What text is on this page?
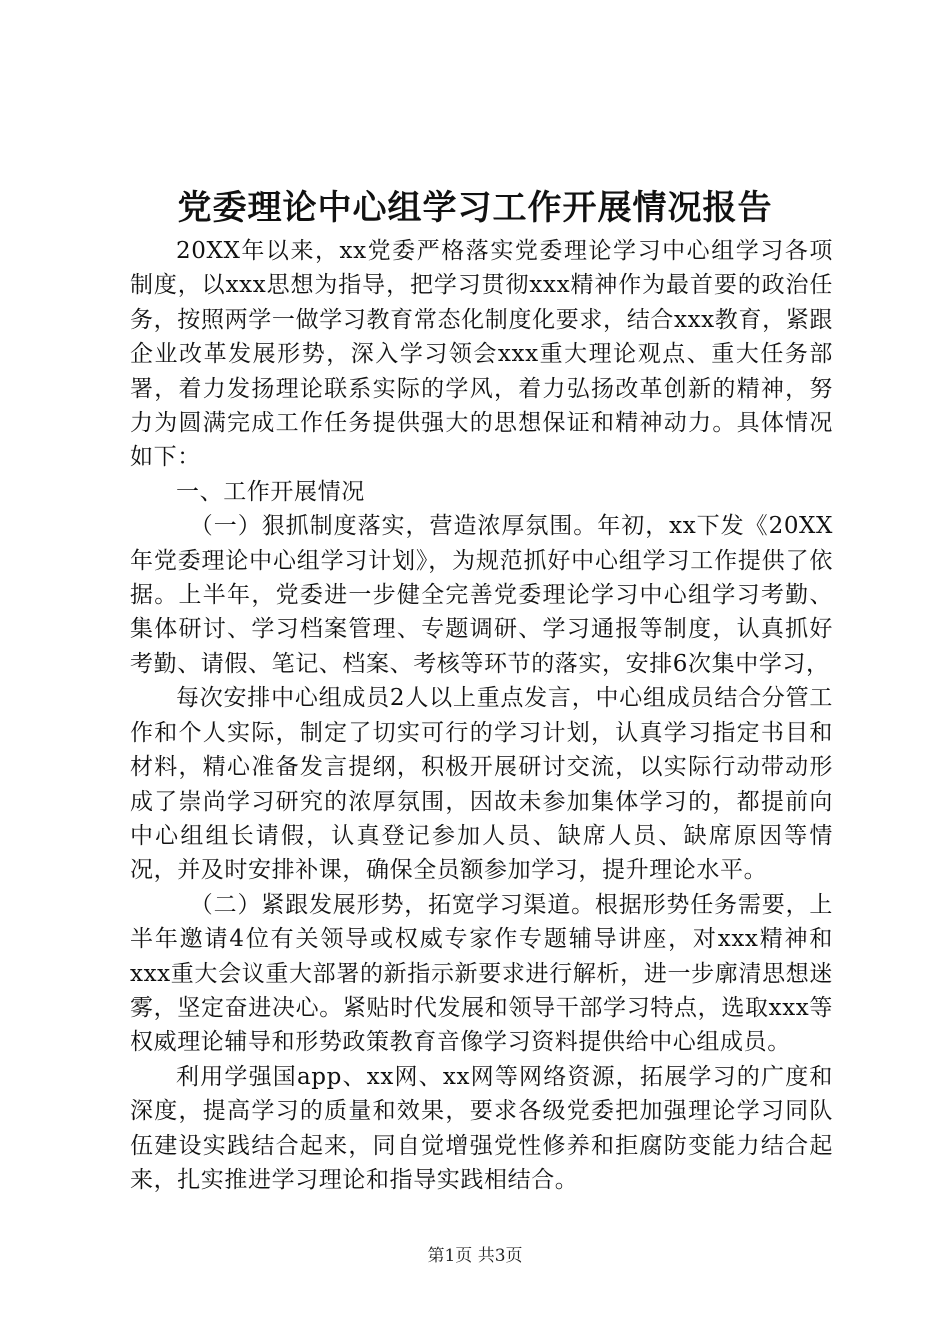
党委理论中心组学习工作开展情况报告

20XX年以来，xx党委严格落实党委理论学习中心组学习各项制度，以xxx思想为指导，把学习贯彻xxx精神作为最首要的政治任务，按照两学一做学习教育常态化制度化要求，结合xxx教育，紧跟企业改革发展形势，深入学习领会xxx重大理论观点、重大任务部署，着力发扬理论联系实际的学风，着力弘扬改革创新的精神，努力为圆满完成工作任务提供强大的思想保证和精神动力。具体情况如下：

一、工作开展情况

（一）狠抓制度落实，营造浓厚氛围。年初，xx下发《20XX年党委理论中心组学习计划》，为规范抓好中心组学习工作提供了依据。上半年，党委进一步健全完善党委理论学习中心组学习考勤、集体研讨、学习档案管理、专题调研、学习通报等制度，认真抓好考勤、请假、笔记、档案、考核等环节的落实，安排6次集中学习，

每次安排中心组成员2人以上重点发言，中心组成员结合分管工作和个人实际，制定了切实可行的学习计划，认真学习指定书目和材料，精心准备发言提纲，积极开展研讨交流，以实际行动带动形成了崇尚学习研究的浓厚氛围，因故未参加集体学习的，都提前向中心组组长请假，认真登记参加人员、缺席人员、缺席原因等情况，并及时安排补课，确保全员额参加学习，提升理论水平。

（二）紧跟发展形势，拓宽学习渠道。根据形势任务需要，上半年邀请4位有关领导或权威专家作专题辅导讲座，对xxx精神和xxx重大会议重大部署的新指示新要求进行解析，进一步廓清思想迷雾，坚定奋进决心。紧贴时代发展和领导干部学习特点，选取xxx等权威理论辅导和形势政策教育音像学习资料提供给中心组成员。

利用学强国app、xx网、xx网等网络资源，拓展学习的广度和深度，提高学习的质量和效果，要求各级党委把加强理论学习同队伍建设实践结合起来，同自觉增强党性修养和拒腐防变能力结合起来，扎实推进学习理论和指导实践相结合。

第1页 共3页
